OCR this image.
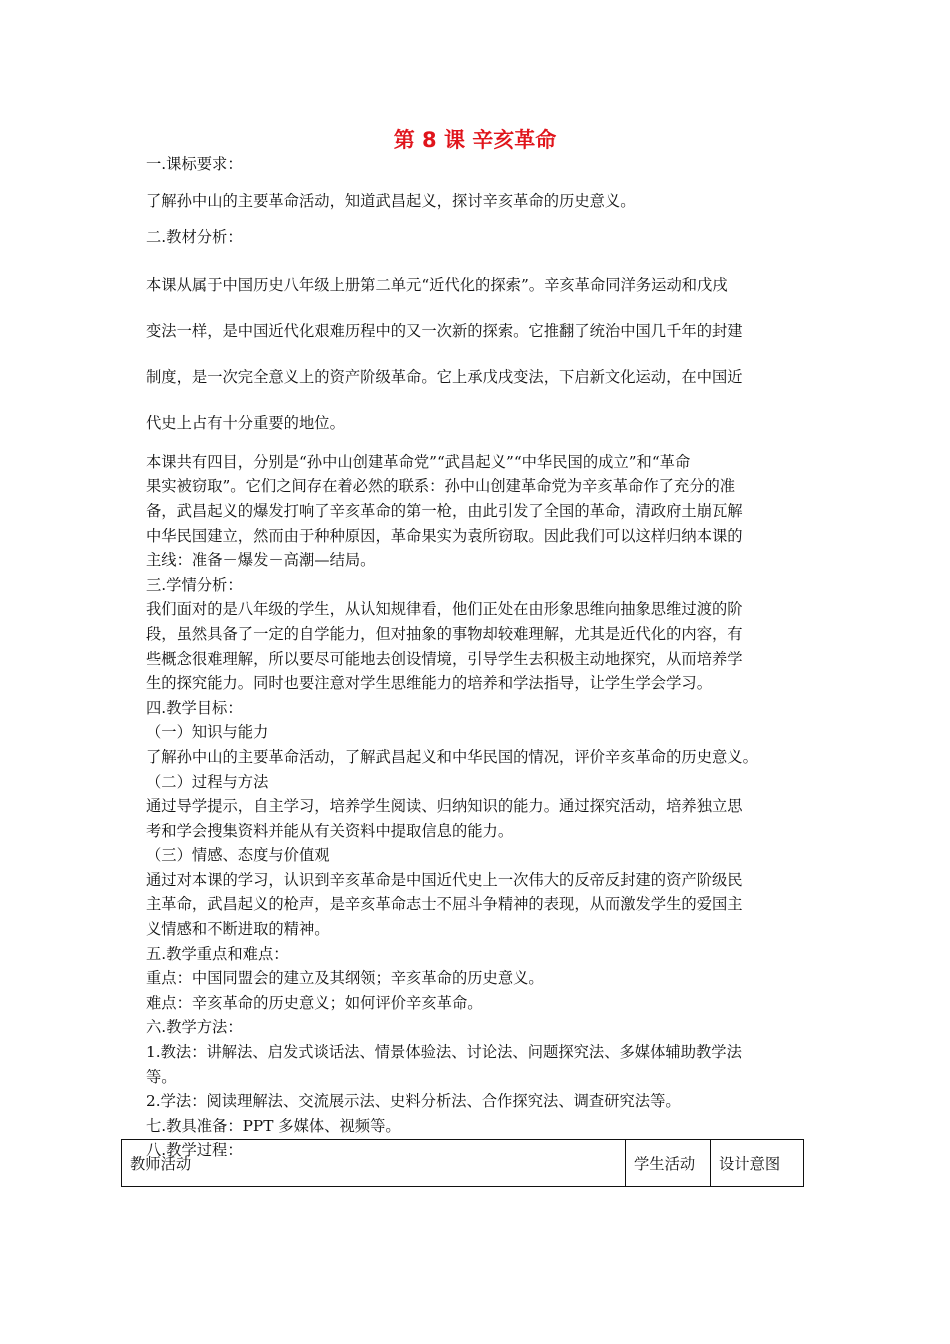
第 8 课 辛亥革命
一.课标要求：
了解孙中山的主要革命活动，知道武昌起义，探讨辛亥革命的历史意义。
二.教材分析：
本课从属于中国历史八年级上册第二单元“近代化的探索”。辛亥革命同洋务运动和戊戌
变法一样，是中国近代化艰难历程中的又一次新的探索。它推翻了统治中国几千年的封建
制度，是一次完全意义上的资产阶级革命。它上承戊戌变法，下启新文化运动，在中国近
代史上占有十分重要的地位。
本课共有四目，分别是“孙中山创建革命党”“武昌起义”“中华民国的成立”和“革命
果实被窃取”。它们之间存在着必然的联系：孙中山创建革命党为辛亥革命作了充分的准
备，武昌起义的爆发打响了辛亥革命的第一枪，由此引发了全国的革命，清政府土崩瓦解
中华民国建立，然而由于种种原因，革命果实为袁所窃取。因此我们可以这样归纳本课的
主线：准备－爆发－高潮—结局。
三.学情分析：
我们面对的是八年级的学生，从认知规律看，他们正处在由形象思维向抽象思维过渡的阶
段，虽然具备了一定的自学能力，但对抽象的事物却较难理解，尤其是近代化的内容，有
些概念很难理解，所以要尽可能地去创设情境，引导学生去积极主动地探究，从而培养学
生的探究能力。同时也要注意对学生思维能力的培养和学法指导，让学生学会学习。
四.教学目标：
（一）知识与能力
了解孙中山的主要革命活动，了解武昌起义和中华民国的情况，评价辛亥革命的历史意义。
（二）过程与方法
通过导学提示，自主学习，培养学生阅读、归纳知识的能力。通过探究活动，培养独立思
考和学会搜集资料并能从有关资料中提取信息的能力。
（三）情感、态度与价值观
通过对本课的学习，认识到辛亥革命是中国近代史上一次伟大的反帝反封建的资产阶级民
主革命，武昌起义的枪声，是辛亥革命志士不屈斗争精神的表现，从而激发学生的爱国主
义情感和不断进取的精神。
五.教学重点和难点：
重点：中国同盟会的建立及其纲领；辛亥革命的历史意义。
难点：辛亥革命的历史意义；如何评价辛亥革命。
六.教学方法：
1.教法：讲解法、启发式谈话法、情景体验法、讨论法、问题探究法、多媒体辅助教学法
等。
2.学法：阅读理解法、交流展示法、史料分析法、合作探究法、调查研究法等。
七.教具准备：PPT 多媒体、视频等。
八.教学过程：
教师活动	学生活动	设计意图
